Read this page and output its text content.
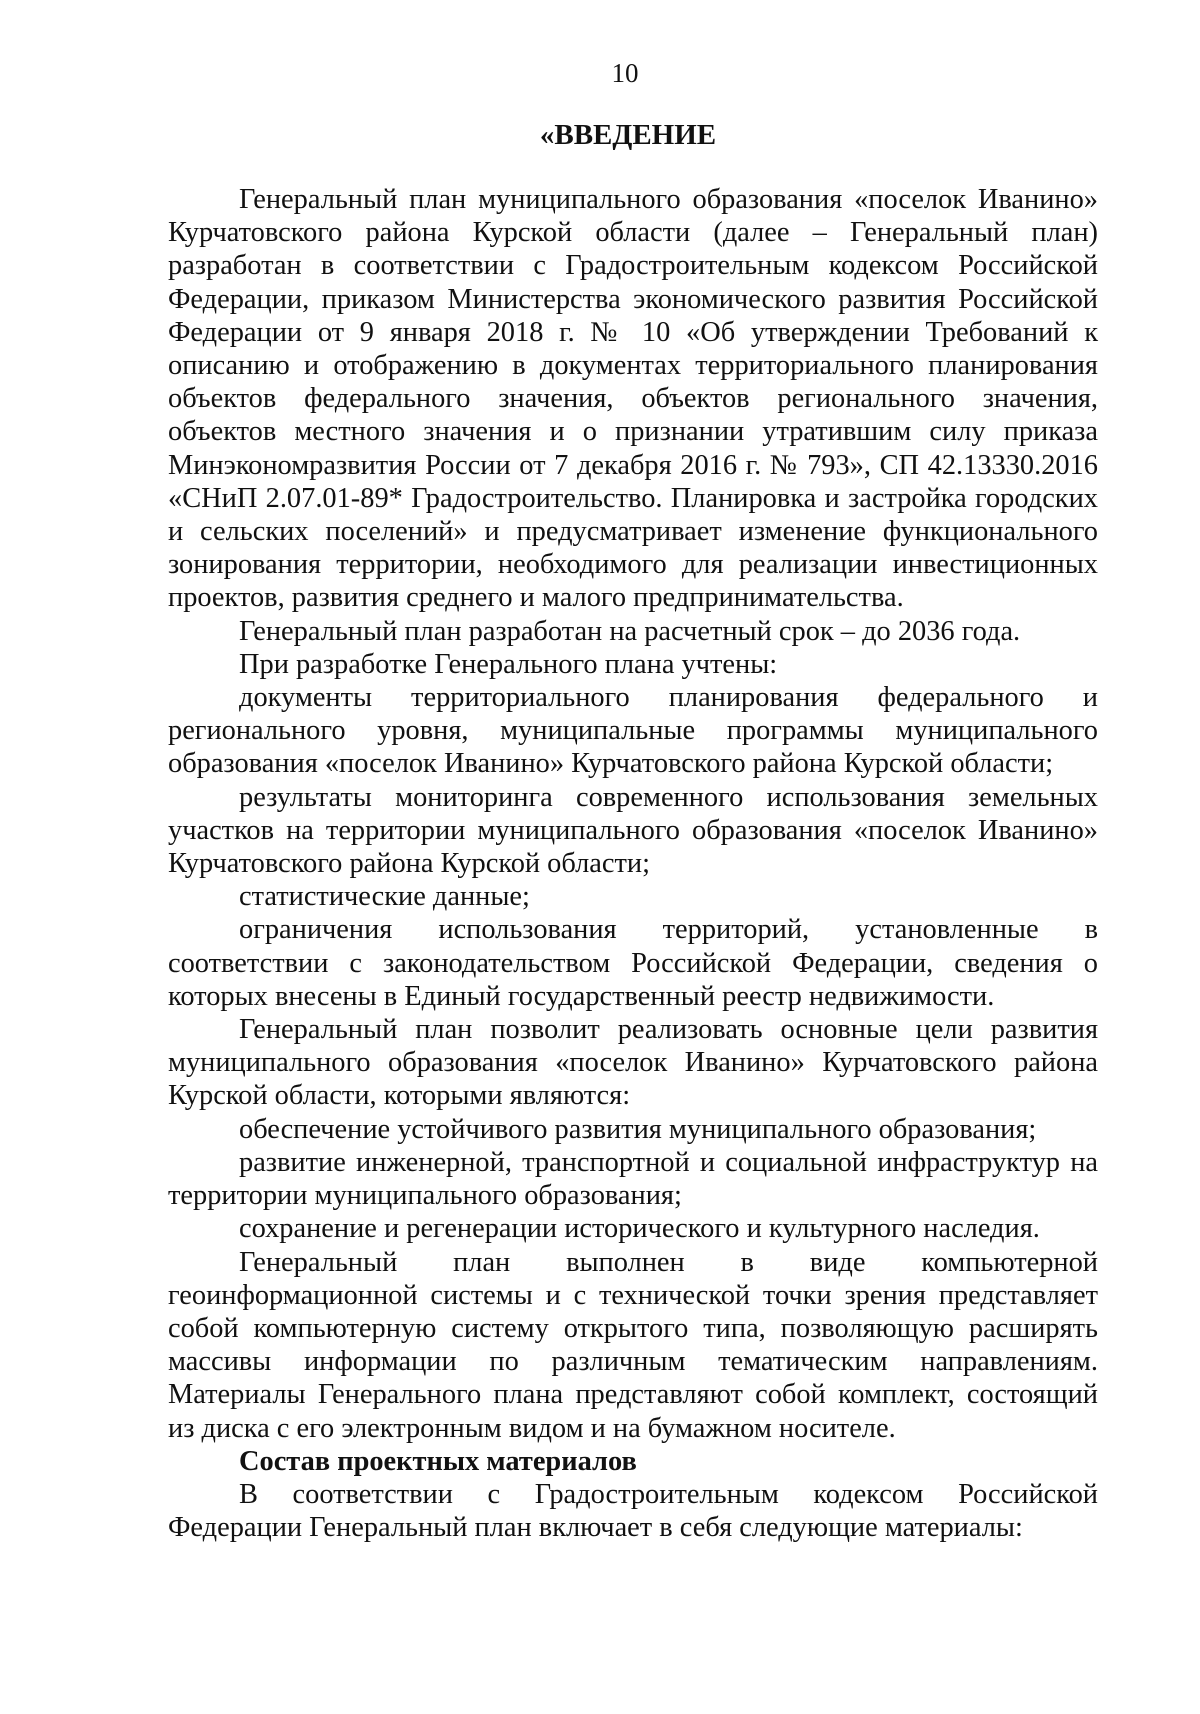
10
«ВВЕДЕНИЕ

Генеральный план муниципального образования «поселок Иванино» Курчатовского района Курской области (далее – Генеральный план) разработан в соответствии с Градостроительным кодексом Российской Федерации, приказом Министерства экономического развития Российской Федерации от 9 января 2018 г. № 10 «Об утверждении Требований к описанию и отображению в документах территориального планирования объектов федерального значения, объектов регионального значения, объектов местного значения и о признании утратившим силу приказа Минэкономразвития России от 7 декабря 2016 г. № 793», СП 42.13330.2016 «СНиП 2.07.01-89* Градостроительство. Планировка и застройка городских и сельских поселений» и предусматривает изменение функционального зонирования территории, необходимого для реализации инвестиционных проектов, развития среднего и малого предпринимательства.

Генеральный план разработан на расчетный срок – до 2036 года.

При разработке Генерального плана учтены:

документы территориального планирования федерального и регионального уровня, муниципальные программы муниципального образования «поселок Иванино» Курчатовского района Курской области;

результаты мониторинга современного использования земельных участков на территории муниципального образования «поселок Иванино» Курчатовского района Курской области;

статистические данные;

ограничения использования территорий, установленные в соответствии с законодательством Российской Федерации, сведения о которых внесены в Единый государственный реестр недвижимости.

Генеральный план позволит реализовать основные цели развития муниципального образования «поселок Иванино» Курчатовского района Курской области, которыми являются:

обеспечение устойчивого развития муниципального образования;

развитие инженерной, транспортной и социальной инфраструктур на территории муниципального образования;

сохранение и регенерации исторического и культурного наследия.

Генеральный план выполнен в виде компьютерной геоинформационной системы и с технической точки зрения представляет собой компьютерную систему открытого типа, позволяющую расширять массивы информации по различным тематическим направлениям. Материалы Генерального плана представляют собой комплект, состоящий из диска с его электронным видом и на бумажном носителе.

Состав проектных материалов

В соответствии с Градостроительным кодексом Российской Федерации Генеральный план включает в себя следующие материалы:
